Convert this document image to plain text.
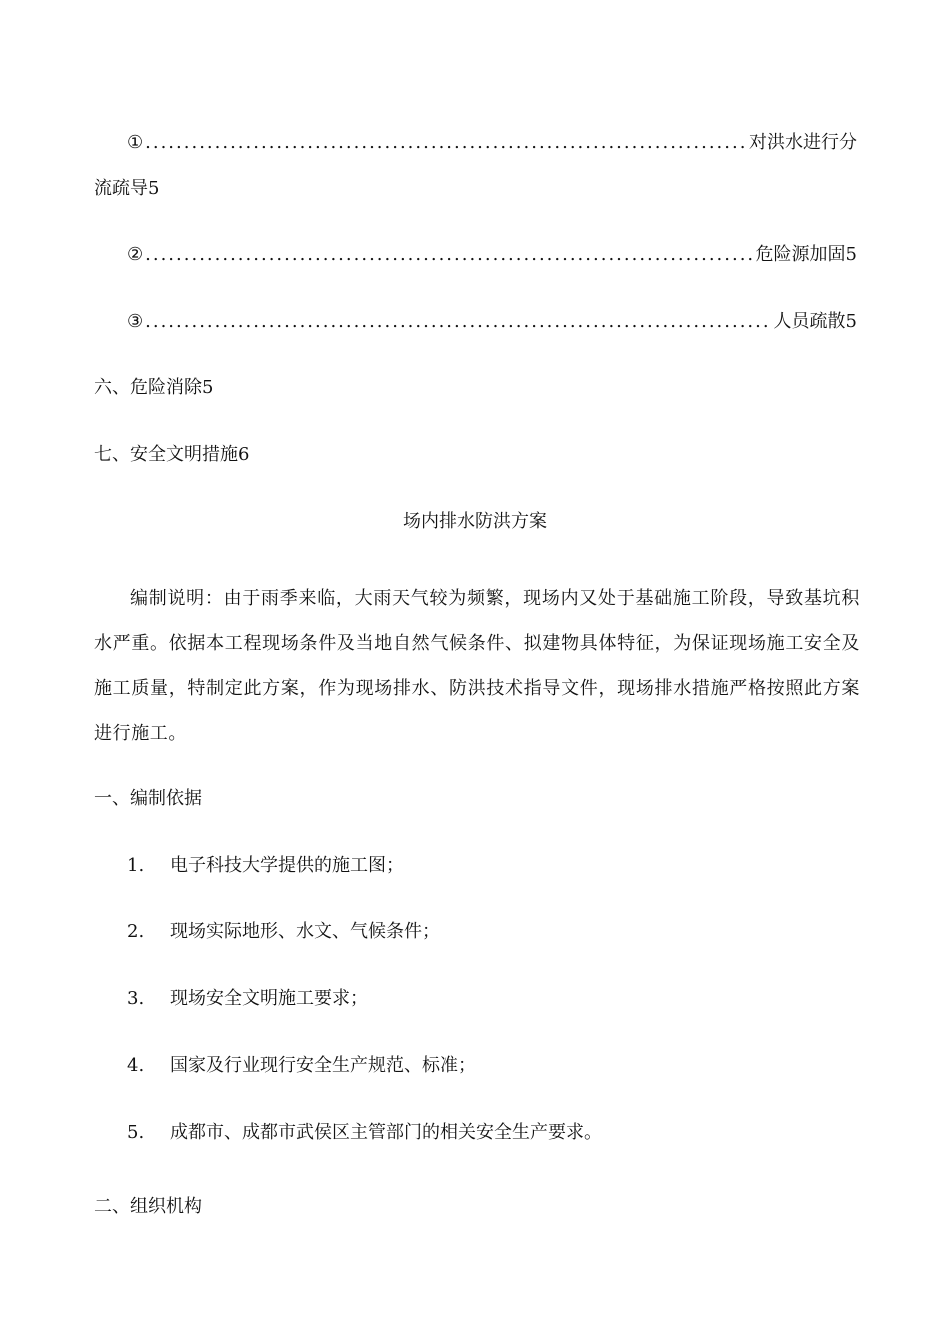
① .....	对洪水进行分
流疏导5
② .....	危险源加固5
③ .....	人员疏散5
六、危险消除5
七、安全文明措施6
场内排水防洪方案
编制说明：由于雨季来临，大雨天气较为频繁，现场内又处于基础施工阶段，导致基坑积水严重。依据本工程现场条件及当地自然气候条件、拟建物具体特征，为保证现场施工安全及施工质量，特制定此方案，作为现场排水、防洪技术指导文件，现场排水措施严格按照此方案进行施工。
一、编制依据
1. 电子科技大学提供的施工图；
2. 现场实际地形、水文、气候条件；
3. 现场安全文明施工要求；
4. 国家及行业现行安全生产规范、标准；
5. 成都市、成都市武侯区主管部门的相关安全生产要求。
二、组织机构
